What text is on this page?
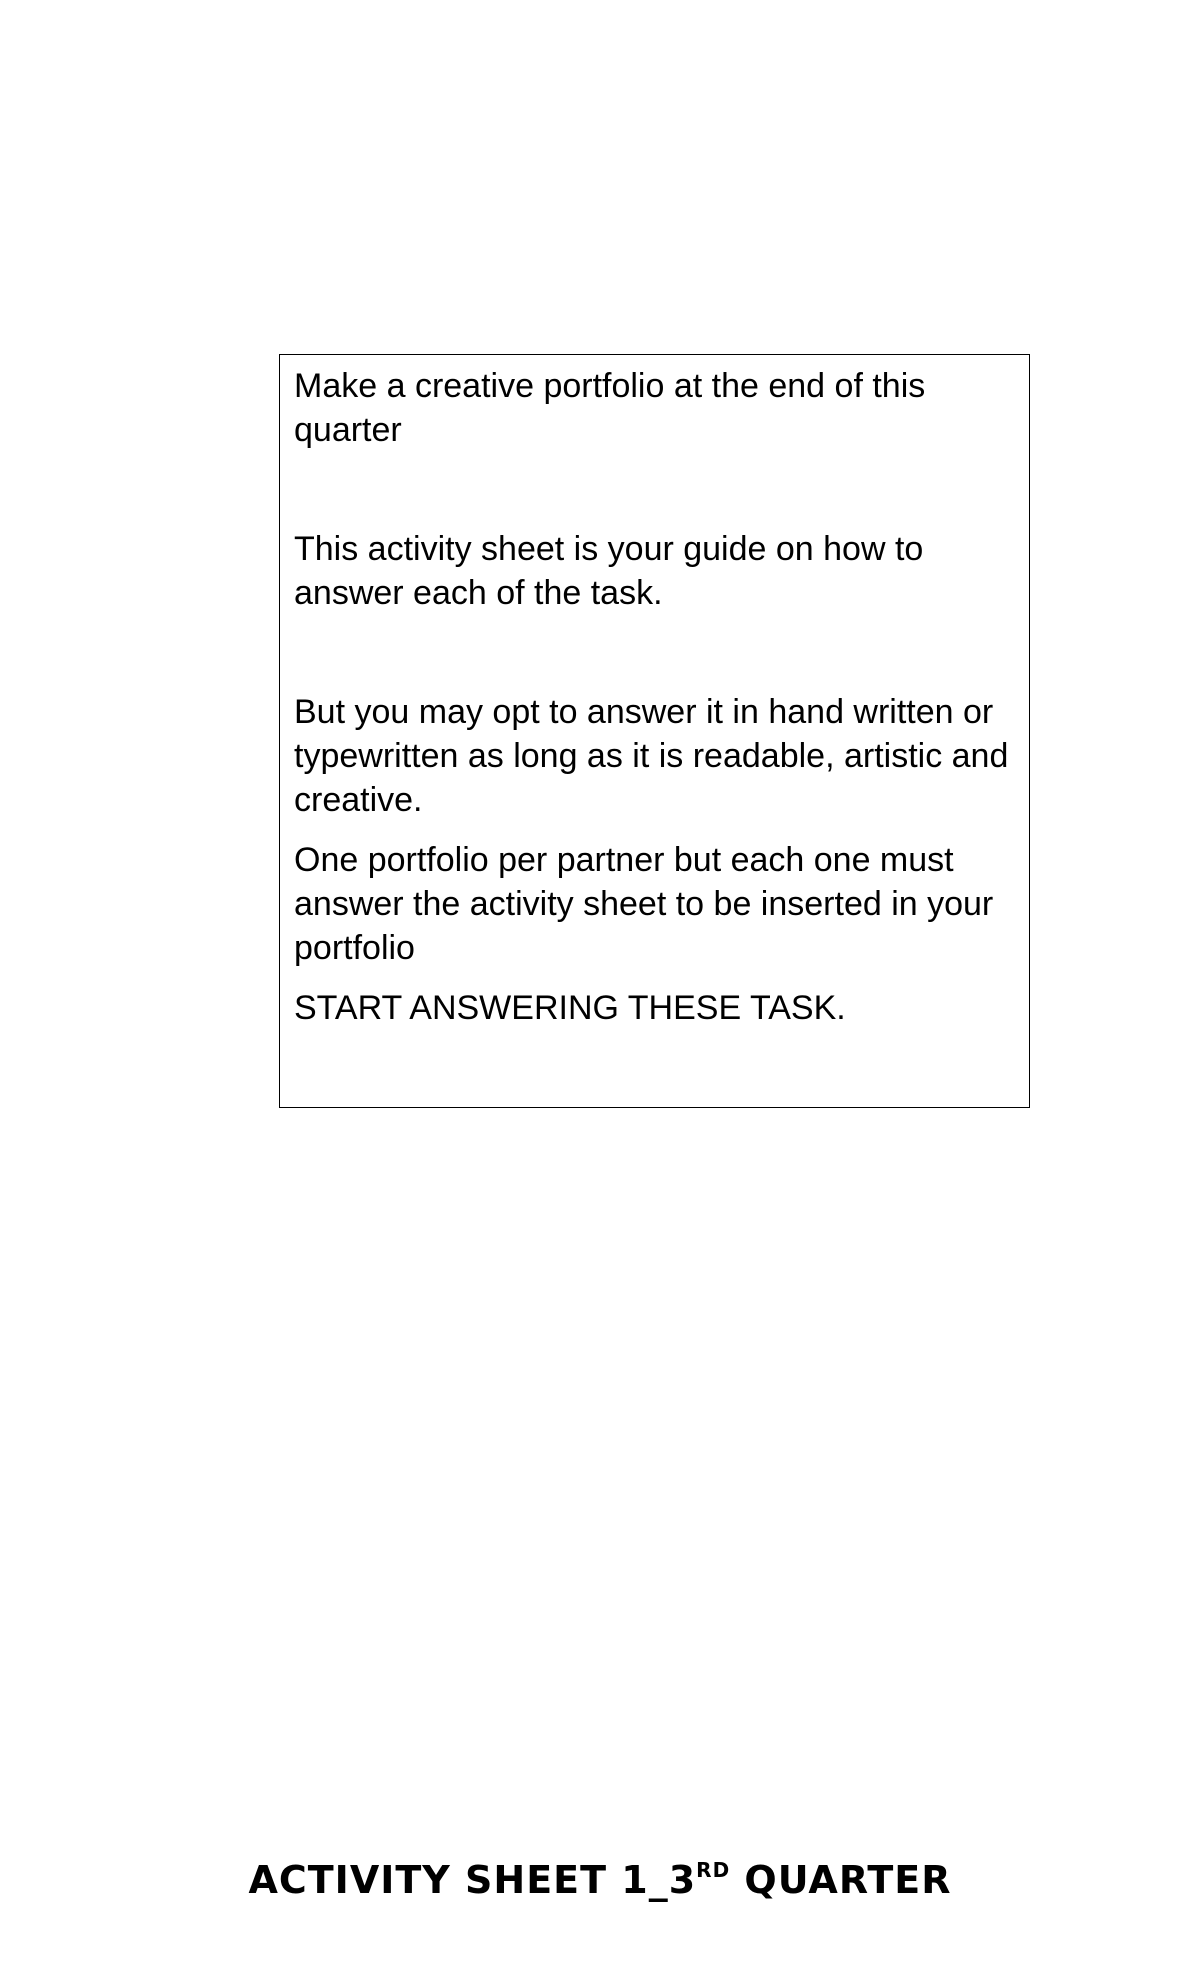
Make a creative portfolio at the end of this quarter

This activity sheet is your guide on how to answer each of the task.

But you may opt to answer it in hand written or typewritten as long as it is readable, artistic and creative.

One portfolio per partner but each one must answer the activity sheet to be inserted in your portfolio

START ANSWERING THESE TASK.

ACTIVITY SHEET 1_3RD QUARTER
